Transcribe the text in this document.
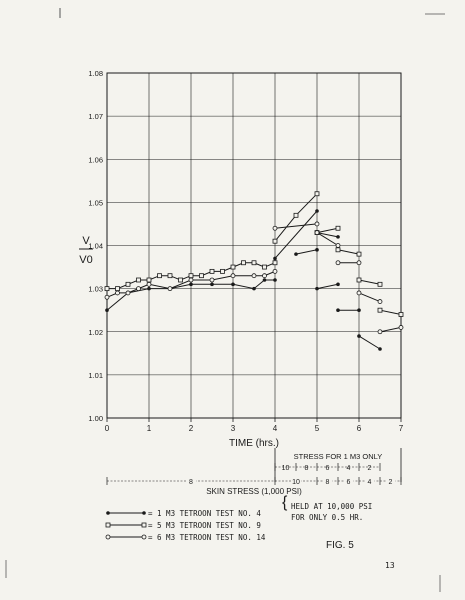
1.00
1.01
1.02
1.03
1.04
1.05
1.06
1.07
1.08
0	1	2	3	4	5	6	7
V
V0
TIME (hrs.)
STRESS FOR 1 M3 ONLY
10 8 6 4 2
8	10	8 6 4 2
SKIN STRESS (1,000 PSI)
= 1 M3 TETROON TEST NO. 4
= 5 M3 TETROON TEST NO. 9
= 6 M3 TETROON TEST NO. 14
{ HELD AT 10,000 PSI
FOR ONLY 0.5 HR.
FIG. 5
13
